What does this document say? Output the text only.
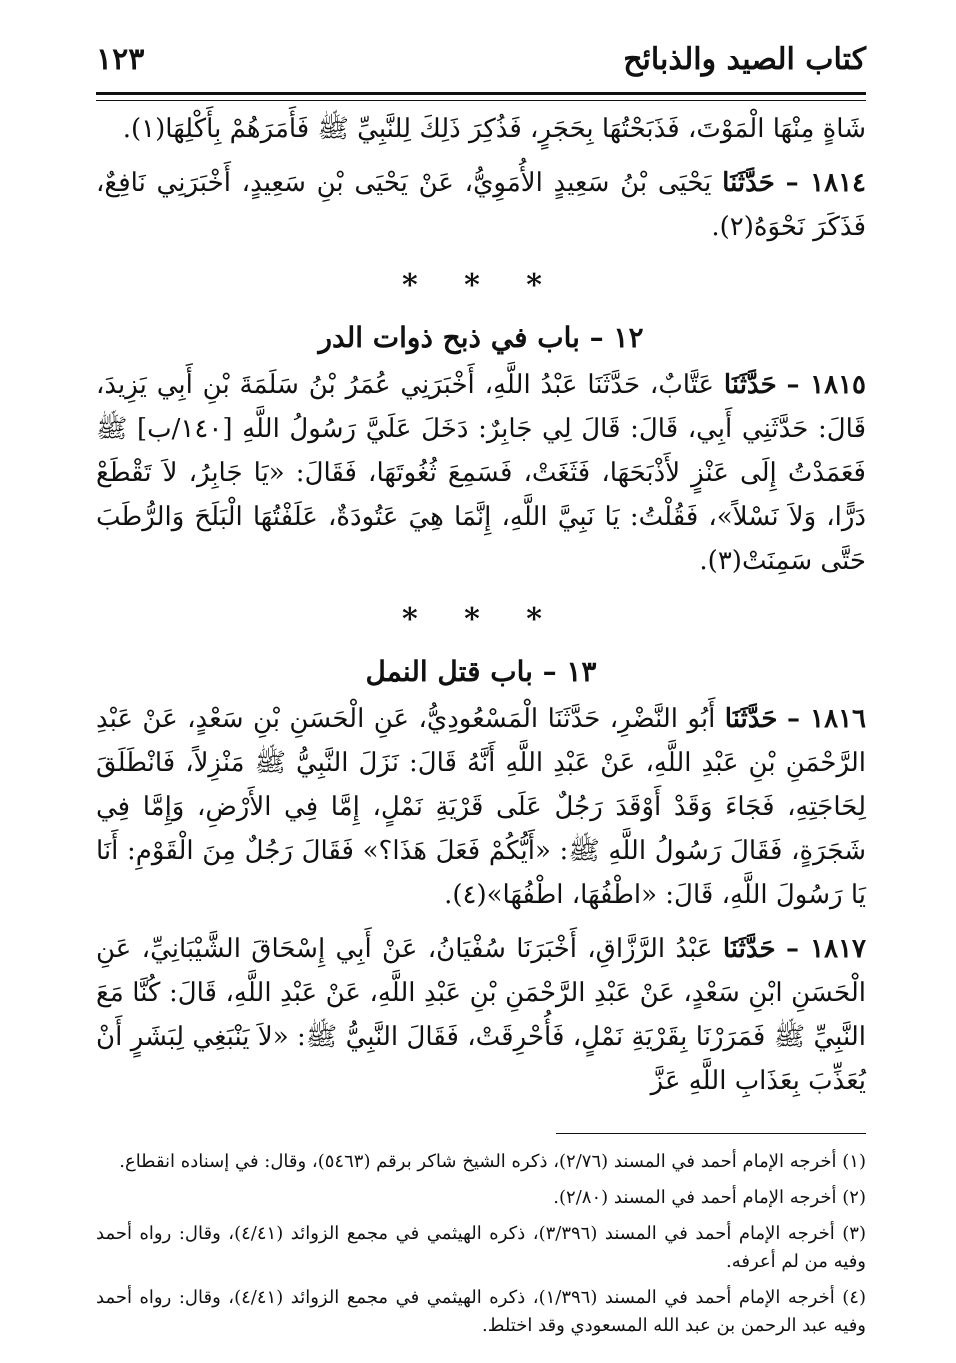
كتاب الصيد والذبائح
١٢٣

شَاةٍ مِنْهَا الْمَوْتَ، فَذَبَحْتُهَا بِحَجَرٍ، فَذُكِرَ ذَلِكَ لِلنَّبِيِّ ﷺ فَأَمَرَهُمْ بِأَكْلِهَا(١).

١٨١٤ – حَدَّثَنَا يَحْيَى بْنُ سَعِيدٍ الأُمَوِيُّ، عَنْ يَحْيَى بْنِ سَعِيدٍ، أَخْبَرَنِي نَافِعٌ، فَذَكَرَ نَحْوَهُ(٢).

* * *
١٢ – باب في ذبح ذوات الدر

١٨١٥ – حَدَّثَنَا عَتَّابٌ، حَدَّثَنَا عَبْدُ اللَّهِ، أَخْبَرَنِي عُمَرُ بْنُ سَلَمَةَ بْنِ أَبِي يَزِيدَ، قَالَ: حَدَّثَنِي أَبِي، قَالَ: قَالَ لِي جَابِرٌ: دَخَلَ عَلَيَّ رَسُولُ اللَّهِ [١٤٠/ب] ﷺ فَعَمَدْتُ إِلَى عَنْزٍ لأَذْبَحَهَا، فَثَغَتْ، فَسَمِعَ ثُغُوتَهَا، فَقَالَ: «يَا جَابِرُ، لاَ تَقْطَعْ دَرًّا، وَلاَ نَسْلاً»، فَقُلْتُ: يَا نَبِيَّ اللَّهِ، إِنَّمَا هِيَ عَتُودَةٌ، عَلَفْتُهَا الْبَلَحَ وَالرُّطَبَ حَتَّى سَمِنَتْ(٣).

* * *
١٣ – باب قتل النمل

١٨١٦ – حَدَّثَنَا أَبُو النَّضْرِ، حَدَّثَنَا الْمَسْعُودِيُّ، عَنِ الْحَسَنِ بْنِ سَعْدٍ، عَنْ عَبْدِ الرَّحْمَنِ بْنِ عَبْدِ اللَّهِ، عَنْ عَبْدِ اللَّهِ أَنَّهُ قَالَ: نَزَلَ النَّبِيُّ ﷺ مَنْزِلاً، فَانْطَلَقَ لِحَاجَتِهِ، فَجَاءَ وَقَدْ أَوْقَدَ رَجُلٌ عَلَى قَرْيَةِ نَمْلٍ، إِمَّا فِي الأَرْضِ، وَإِمَّا فِي شَجَرَةٍ، فَقَالَ رَسُولُ اللَّهِ ﷺ: «أَيُّكُمْ فَعَلَ هَذَا؟» فَقَالَ رَجُلٌ مِنَ الْقَوْمِ: أَنَا يَا رَسُولَ اللَّهِ، قَالَ: «اطْفُهَا، اطْفُهَا»(٤).

١٨١٧ – حَدَّثَنَا عَبْدُ الرَّزَّاقِ، أَخْبَرَنَا سُفْيَانُ، عَنْ أَبِي إِسْحَاقَ الشَّيْبَانِيِّ، عَنِ الْحَسَنِ ابْنِ سَعْدٍ، عَنْ عَبْدِ الرَّحْمَنِ بْنِ عَبْدِ اللَّهِ، عَنْ عَبْدِ اللَّهِ، قَالَ: كُنَّا مَعَ النَّبِيِّ ﷺ فَمَرَرْنَا بِقَرْيَةِ نَمْلٍ، فَأُحْرِقَتْ، فَقَالَ النَّبِيُّ ﷺ: «لاَ يَنْبَغِي لِبَشَرٍ أَنْ يُعَذِّبَ بِعَذَابِ اللَّهِ عَزَّ

(١) أخرجه الإمام أحمد في المسند (٢/٧٦)، ذكره الشيخ شاكر برقم (٥٤٦٣)، وقال: في إسناده انقطاع.

(٢) أخرجه الإمام أحمد في المسند (٢/٨٠).

(٣) أخرجه الإمام أحمد في المسند (٣/٣٩٦)، ذكره الهيثمي في مجمع الزوائد (٤/٤١)، وقال: رواه أحمد وفيه من لم أعرفه.

(٤) أخرجه الإمام أحمد في المسند (١/٣٩٦)، ذكره الهيثمي في مجمع الزوائد (٤/٤١)، وقال: رواه أحمد وفيه عبد الرحمن بن عبد الله المسعودي وقد اختلط.
